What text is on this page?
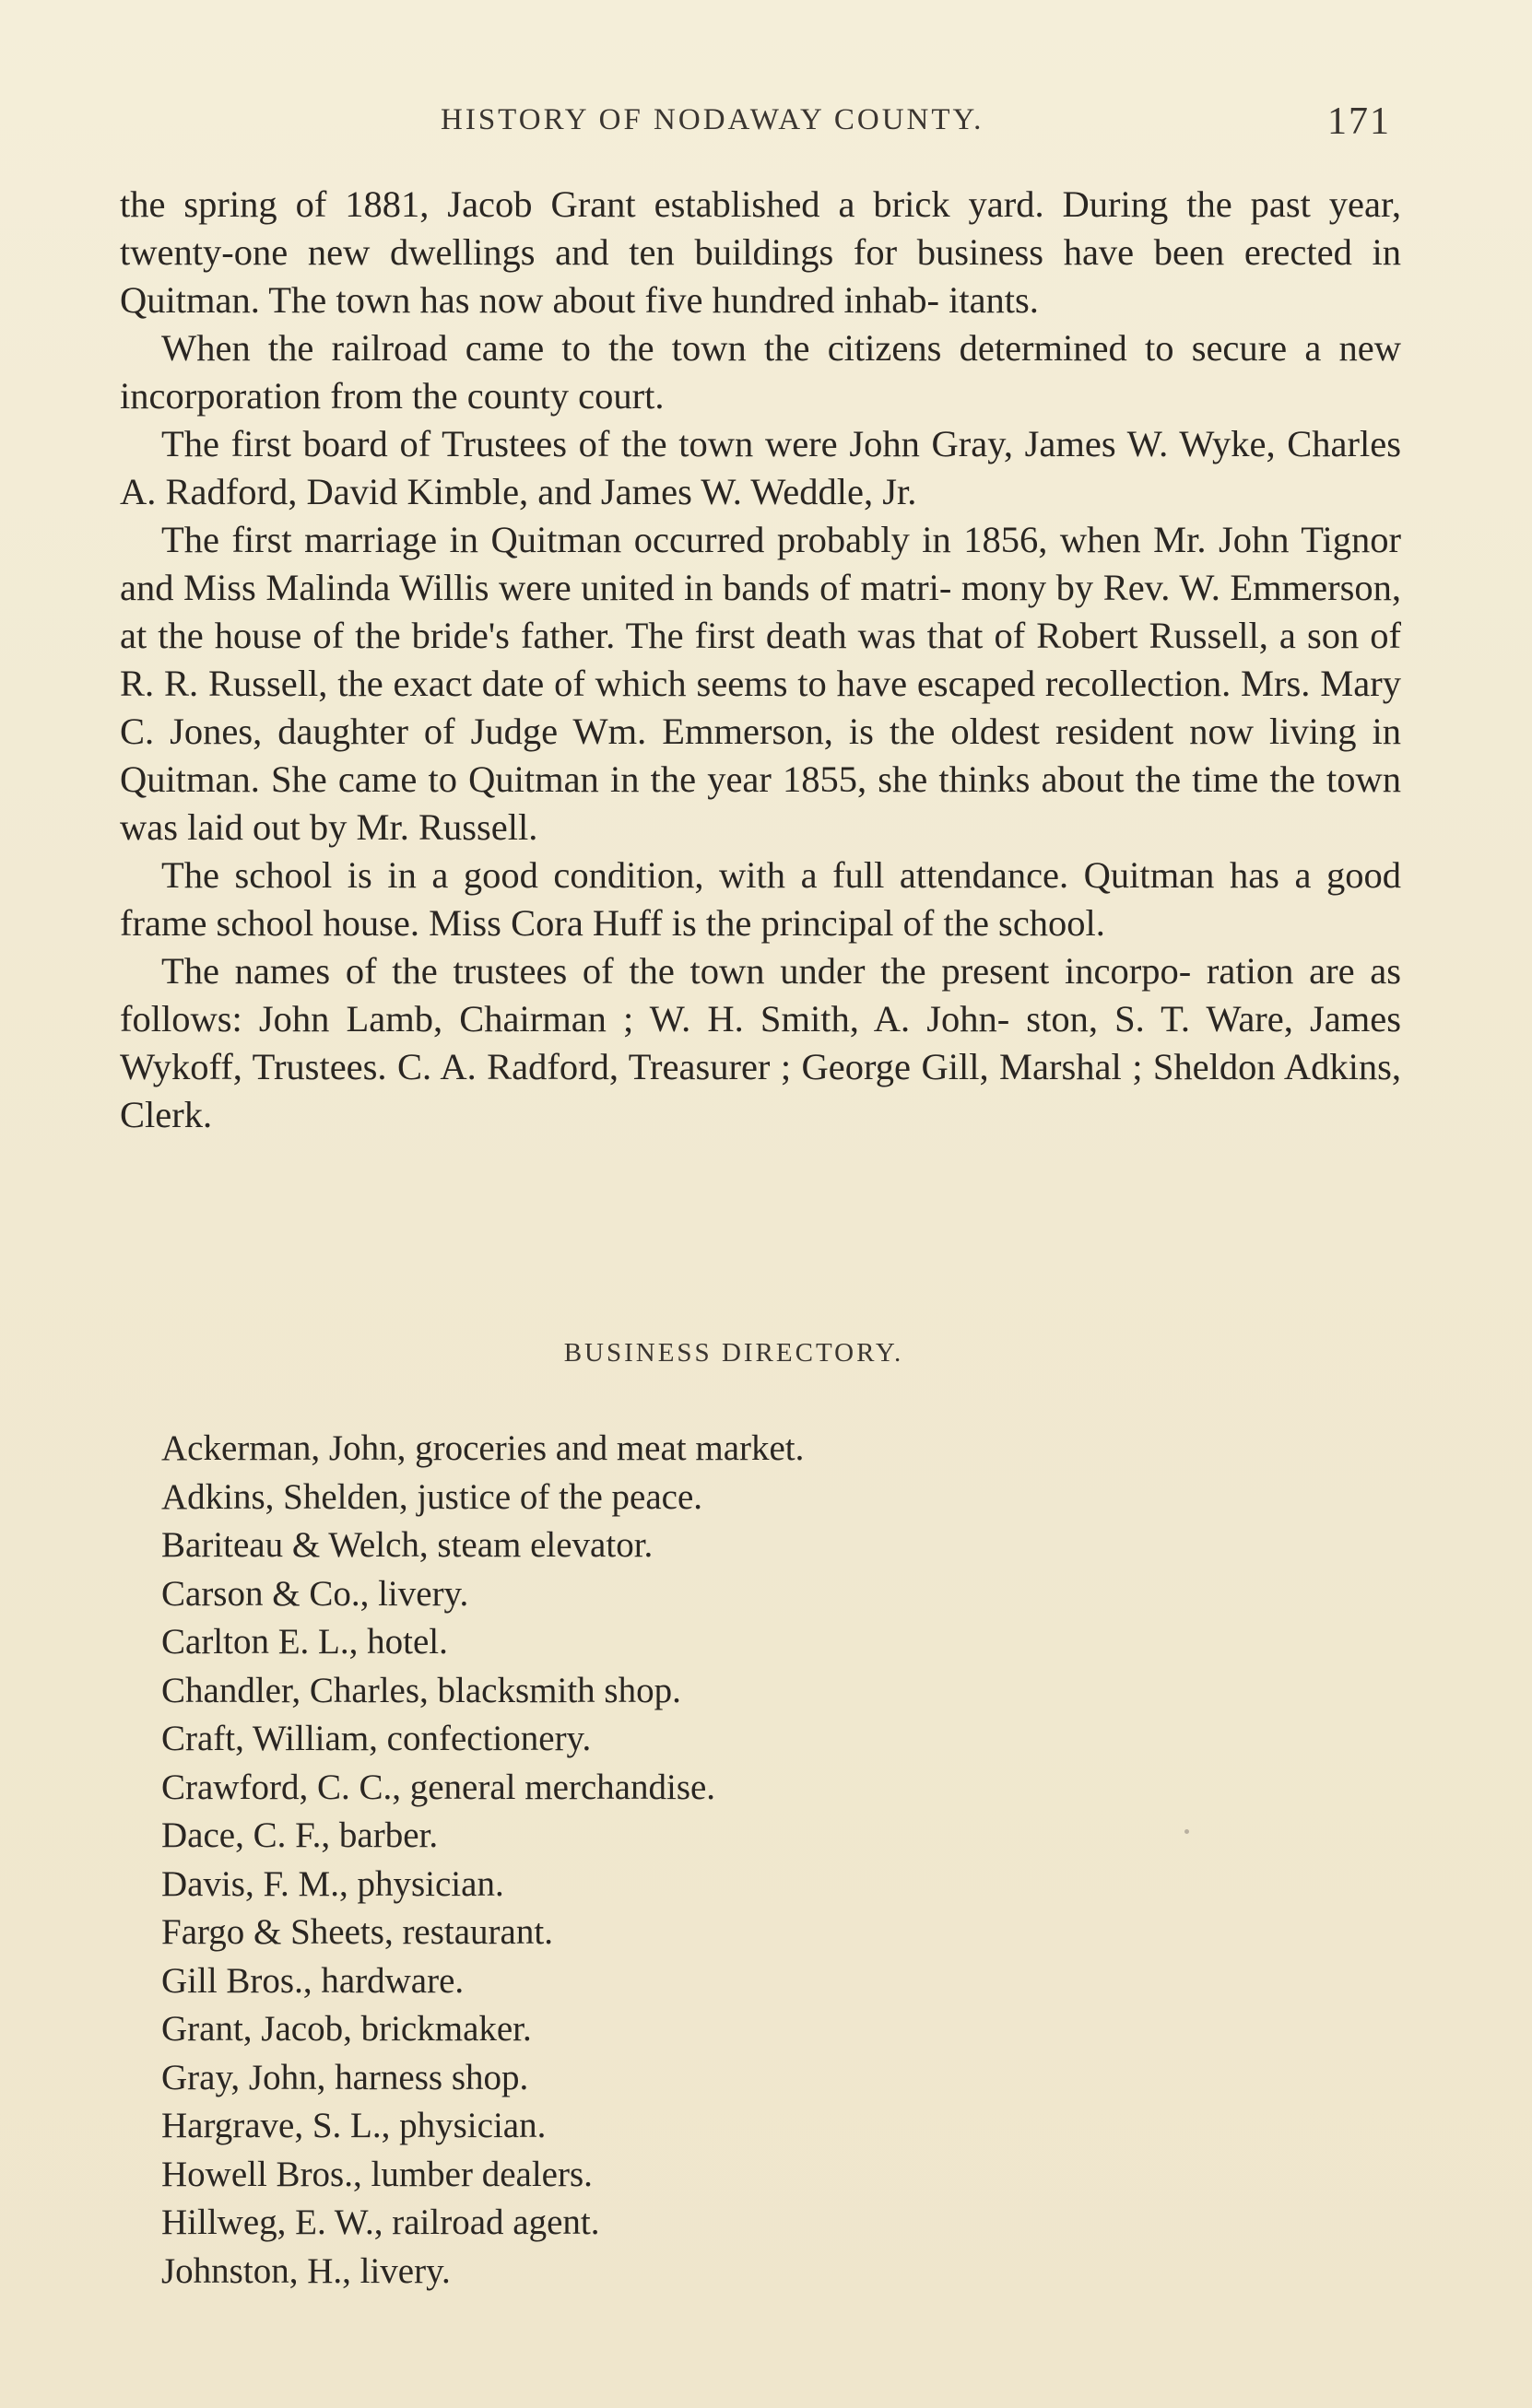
HISTORY OF NODAWAY COUNTY.	171

the spring of 1881, Jacob Grant established a brick yard. During the past year, twenty-one new dwellings and ten buildings for business have been erected in Quitman. The town has now about five hundred inhab- itants.

When the railroad came to the town the citizens determined to secure a new incorporation from the county court.

The first board of Trustees of the town were John Gray, James W. Wyke, Charles A. Radford, David Kimble, and James W. Weddle, Jr.

The first marriage in Quitman occurred probably in 1856, when Mr. John Tignor and Miss Malinda Willis were united in bands of matri- mony by Rev. W. Emmerson, at the house of the bride's father. The first death was that of Robert Russell, a son of R. R. Russell, the exact date of which seems to have escaped recollection. Mrs. Mary C. Jones, daughter of Judge Wm. Emmerson, is the oldest resident now living in Quitman. She came to Quitman in the year 1855, she thinks about the time the town was laid out by Mr. Russell.

The school is in a good condition, with a full attendance. Quitman has a good frame school house. Miss Cora Huff is the principal of the school.

The names of the trustees of the town under the present incorpo- ration are as follows: John Lamb, Chairman ; W. H. Smith, A. John- ston, S. T. Ware, James Wykoff, Trustees. C. A. Radford, Treasurer ; George Gill, Marshal ; Sheldon Adkins, Clerk.

BUSINESS DIRECTORY.
Ackerman, John, groceries and meat market.
Adkins, Shelden, justice of the peace.
Bariteau & Welch, steam elevator.
Carson & Co., livery.
Carlton E. L., hotel.
Chandler, Charles, blacksmith shop.
Craft, William, confectionery.
Crawford, C. C., general merchandise.
Dace, C. F., barber.
Davis, F. M., physician.
Fargo & Sheets, restaurant.
Gill Bros., hardware.
Grant, Jacob, brickmaker.
Gray, John, harness shop.
Hargrave, S. L., physician.
Howell Bros., lumber dealers.
Hillweg, E. W., railroad agent.
Johnston, H., livery.
